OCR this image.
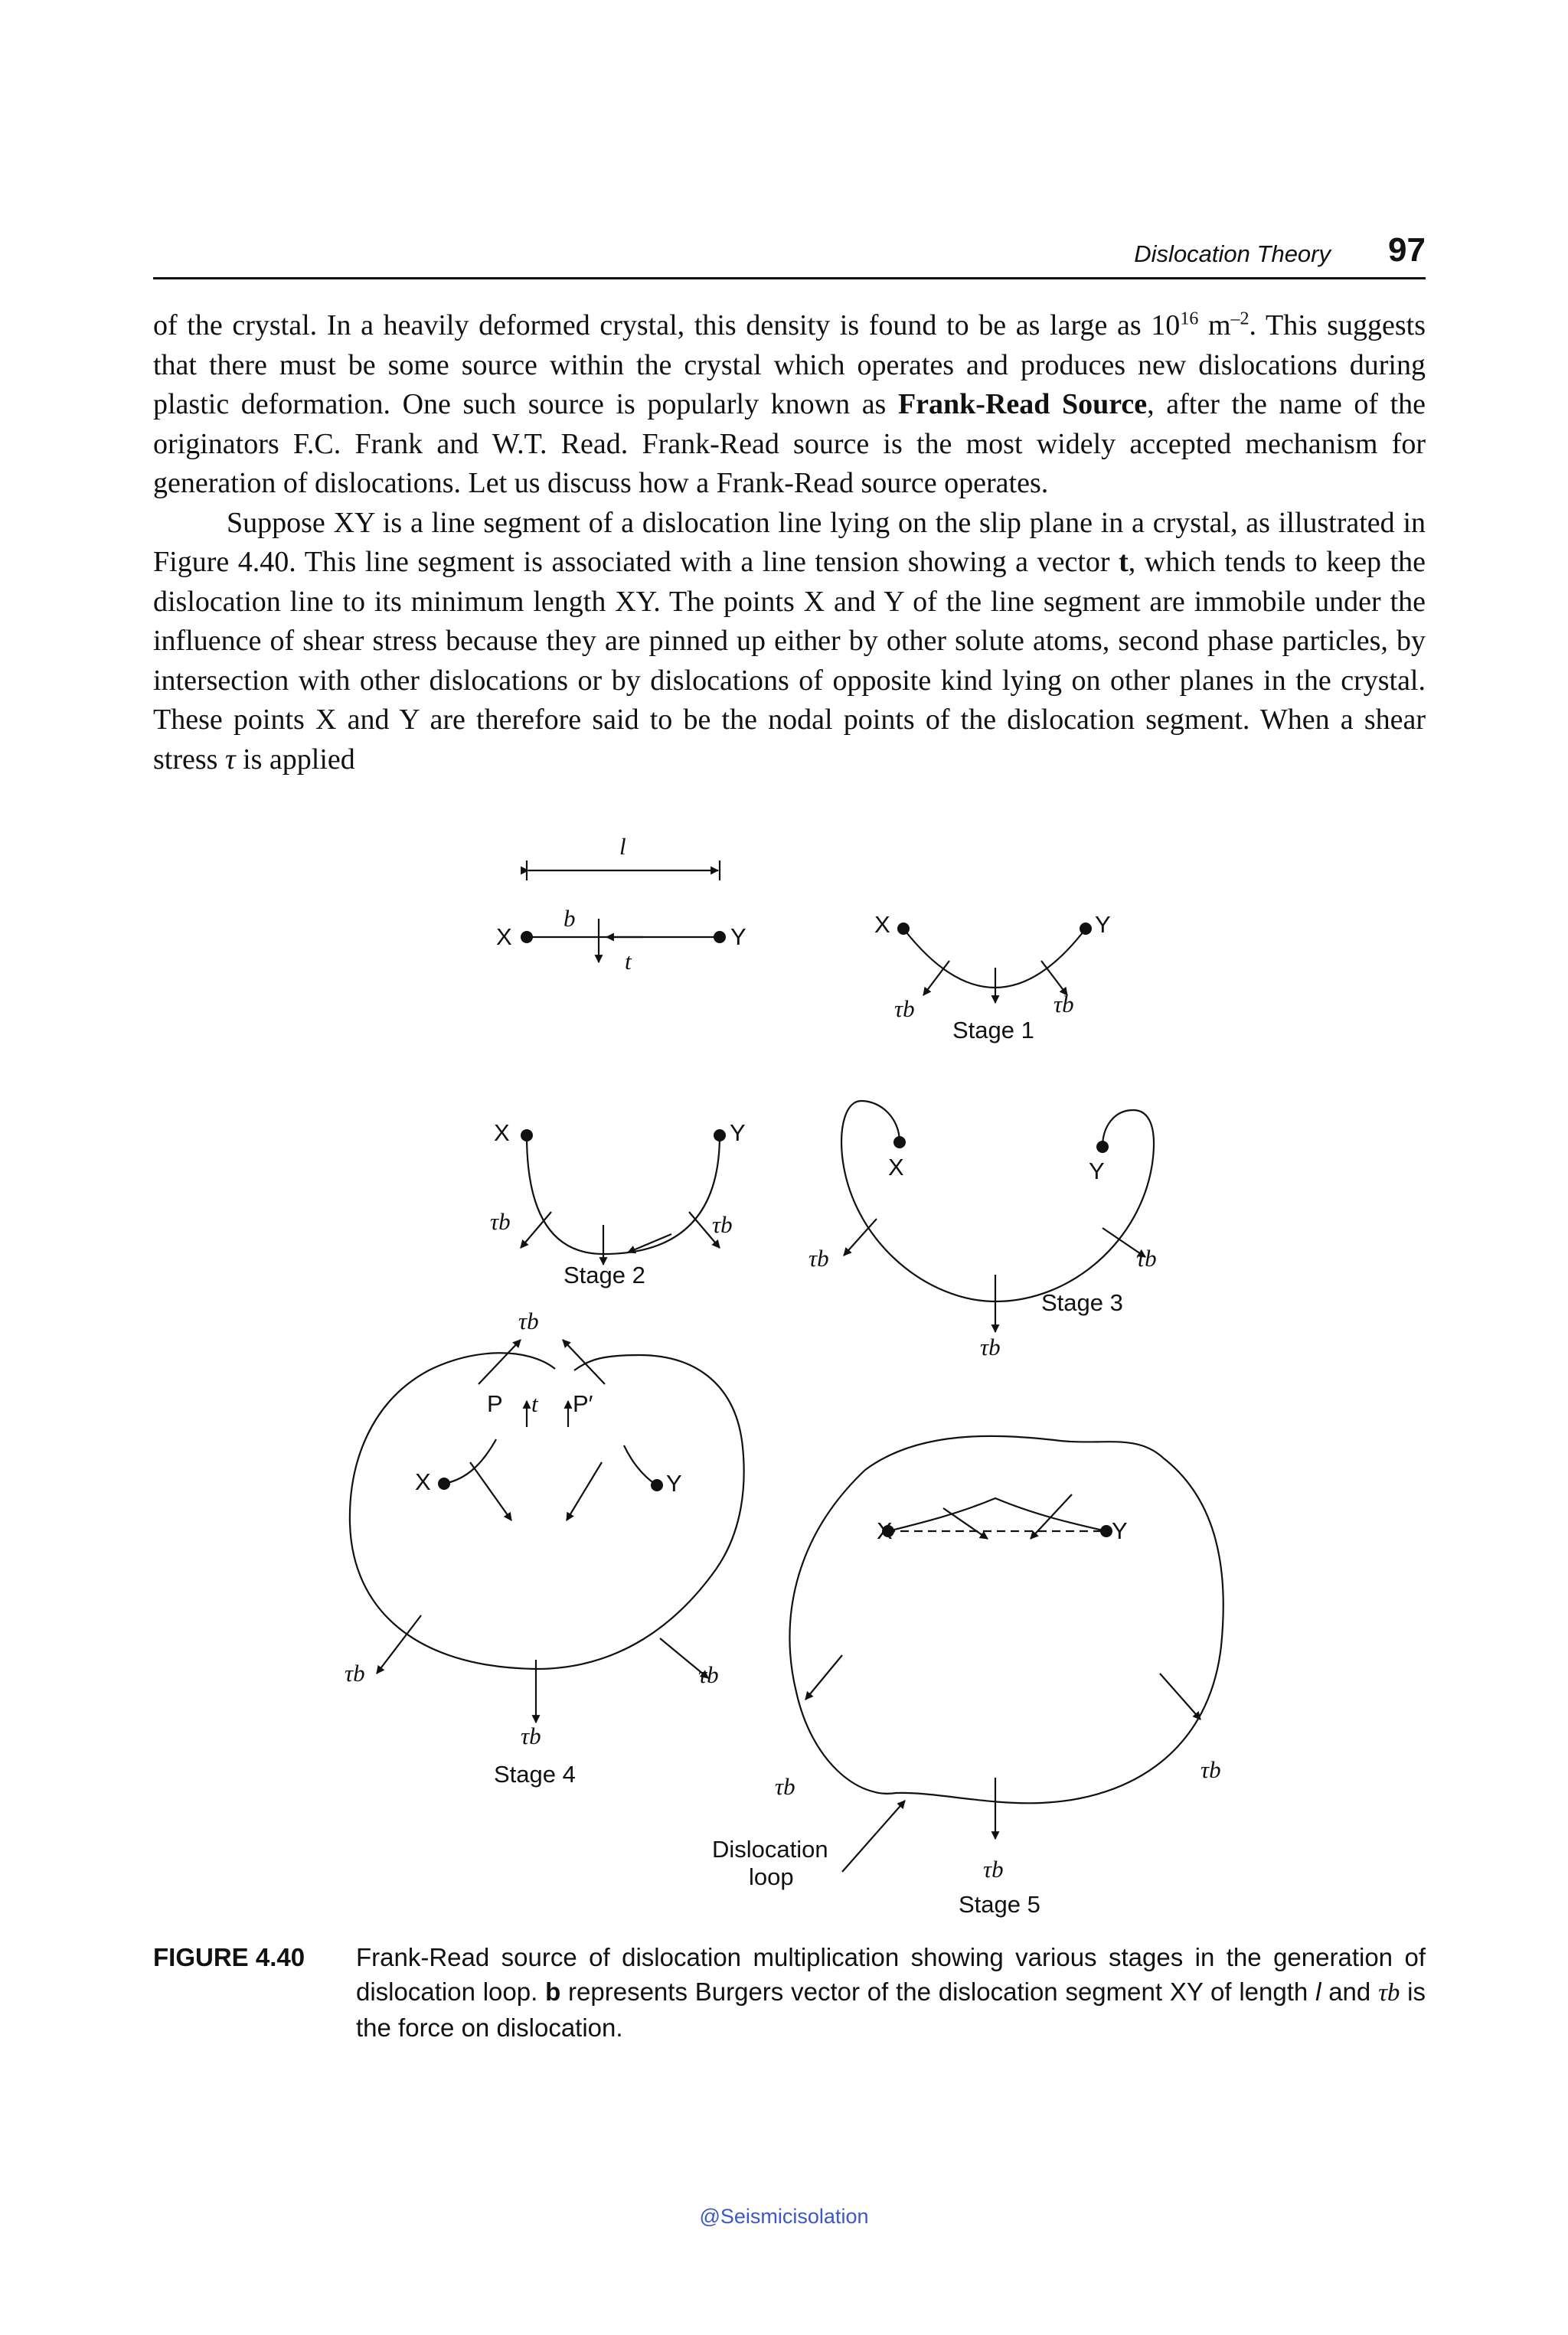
Dislocation Theory 97

of the crystal. In a heavily deformed crystal, this density is found to be as large as $10^{16}$ $m^{-2}$. This suggests that there must be some source within the crystal which operates and produces new dislocations during plastic deformation. One such source is popularly known as Frank-Read Source, after the name of the originators F.C. Frank and W.T. Read. Frank-Read source is the most widely accepted mechanism for generation of dislocations. Let us discuss how a Frank-Read source operates.

Suppose XY is a line segment of a dislocation line lying on the slip plane in a crystal, as illustrated in Figure 4.40. This line segment is associated with a line tension showing a vector t, which tends to keep the dislocation line to its minimum length XY. The points X and Y of the line segment are immobile under the influence of shear stress because they are pinned up either by other solute atoms, second phase particles, by intersection with other dislocations or by dislocations of opposite kind lying on other planes in the crystal. These points X and Y are therefore said to be the nodal points of the dislocation segment. When a shear stress τ is applied

l
X	Y
b
t
X	Y
τb	τb
Stage 1
X	Y
τb	τb
Stage 2
X	Y
τb	τb
τb
Stage 3
τb
P t P′
X	Y
τb	τb
τb
Stage 4
X	Y
τb
τb
τb
Dislocation
loop
Stage 5
FIGURE 4.40 Frank-Read source of dislocation multiplication showing various stages in the generation of dislocation loop. b represents Burgers vector of the dislocation segment XY of length l and τb is the force on dislocation.
@Seismicisolation
